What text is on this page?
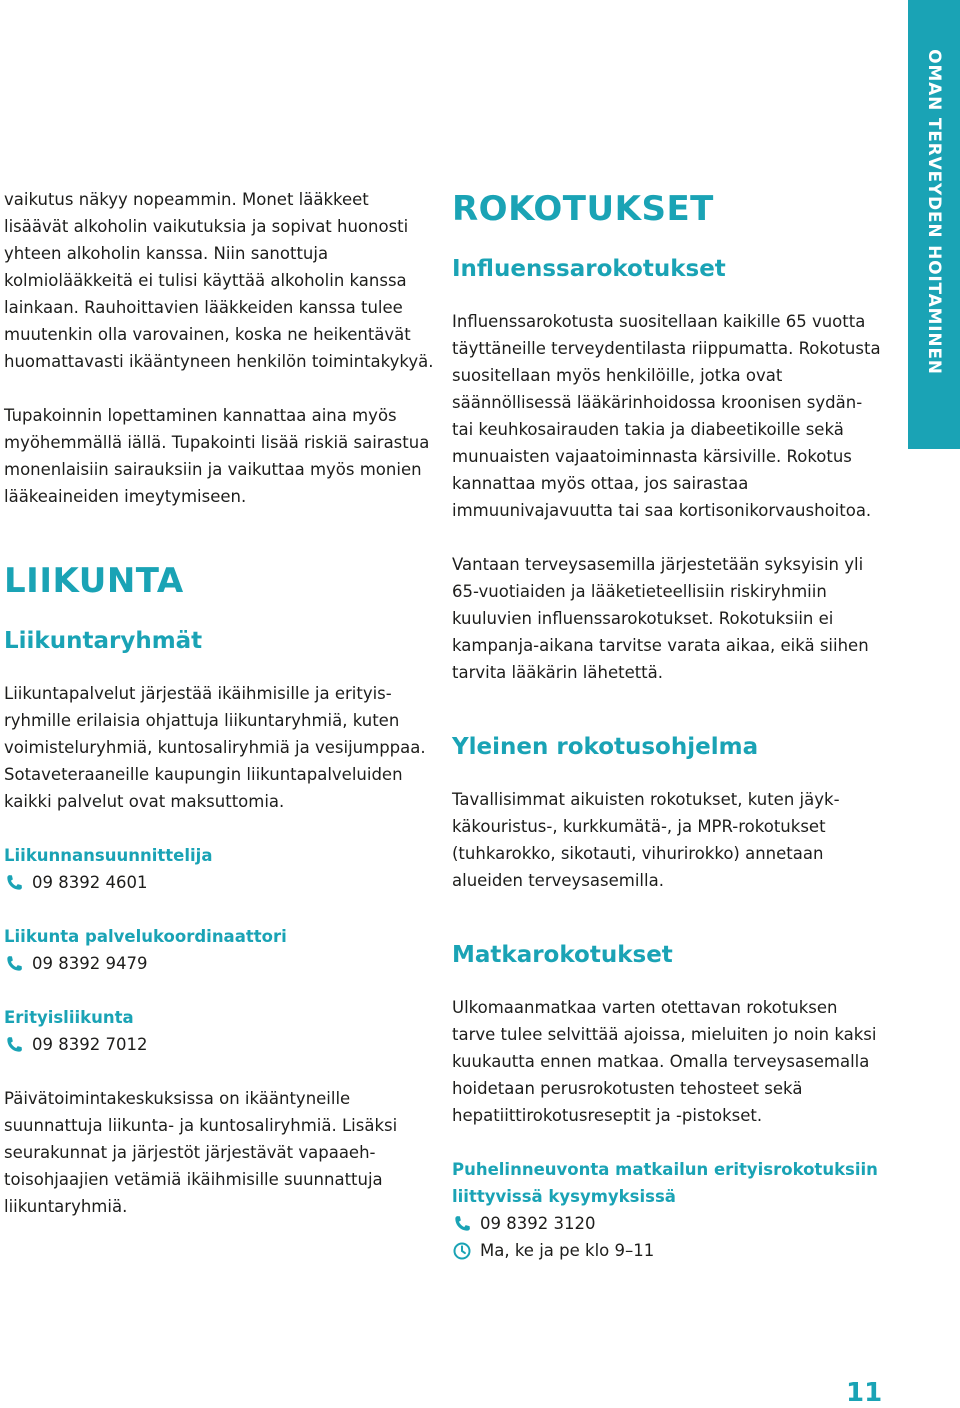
OMAN TERVEYDEN HOITAMINEN

vaikutus näkyy nopeammin. Monet lääkkeet lisäävät alkoholin vaikutuksia ja sopivat huonosti yhteen alkoholin kanssa. Niin sanottuja kolmiolääkkeitä ei tulisi käyttää alkoholin kanssa lainkaan. Rauhoittavien lääkkeiden kanssa tulee muutenkin olla varovainen, koska ne heikentävät huomattavasti ikääntyneen henkilön toimintakykyä.

Tupakoinnin lopettaminen kannattaa aina myös myöhemmällä iällä. Tupakointi lisää riskiä sairastua monenlaisiin sairauksiin ja vaikuttaa myös monien lääkeaineiden imeytymiseen.

LIIKUNTA
Liikuntaryhmät

Liikuntapalvelut järjestää ikäihmisille ja erityisryhmille erilaisia ohjattuja liikuntaryhmiä, kuten voimisteluryhmiä, kuntosaliryhmiä ja vesijumppaa. Sotaveteraaneille kaupungin liikuntapalveluiden kaikki palvelut ovat maksuttomia.

Liikunnansuunnittelija

09 8392 4601

Liikunta palvelukoordinaattori

09 8392 9479

Erityisliikunta

09 8392 7012

Päivätoimintakeskuksissa on ikääntyneille suunnattuja liikunta- ja kuntosaliryhmiä. Lisäksi seurakunnat ja järjestöt järjestävät vapaaehtoisohjaajien vetämiä ikäihmisille suunnattuja liikuntaryhmiä.

ROKOTUKSET
Influenssarokotukset

Influenssarokotusta suositellaan kaikille 65 vuotta täyttäneille terveydentilasta riippumatta. Rokotusta suositellaan myös henkilöille, jotka ovat säännöllisessä lääkärinhoidossa kroonisen sydän- tai keuhkosairauden takia ja diabeetikoille sekä munuaisten vajaatoiminnasta kärsiville. Rokotus kannattaa myös ottaa, jos sairastaa immuunivajavuutta tai saa kortisonikorvaushoitoa.

Vantaan terveysasemilla järjestetään syksyisin yli 65-vuotiaiden ja lääketieteellisiin riskiryhmiin kuuluvien influenssarokotukset. Rokotuksiin ei kampanja-aikana tarvitse varata aikaa, eikä siihen tarvita lääkärin lähetettä.

Yleinen rokotusohjelma

Tavallisimmat aikuisten rokotukset, kuten jäykkäkouristus-, kurkkumätä-, ja MPR-rokotukset (tuhkarokko, sikotauti, vihurirokko) annetaan alueiden terveysasemilla.

Matkarokotukset

Ulkomaanmatkaa varten otettavan rokotuksen tarve tulee selvittää ajoissa, mieluiten jo noin kaksi kuukautta ennen matkaa. Omalla terveysasemalla hoidetaan perusrokotusten tehosteet sekä hepatiittirokotusreseptit ja -pistokset.

Puhelinneuvonta matkailun erityisrokotuksiin liittyvissä kysymyksissä

09 8392 3120
Ma, ke ja pe klo 9–11
11
